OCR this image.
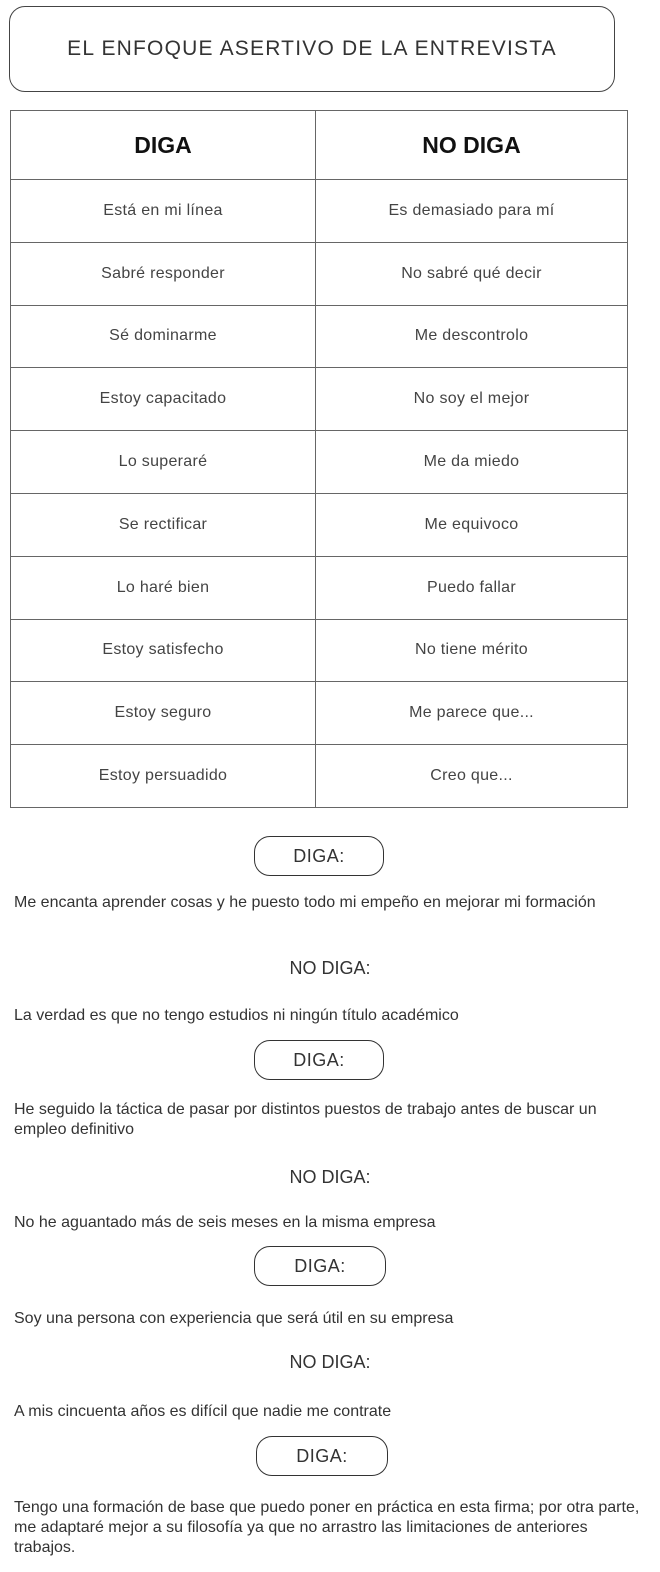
EL ENFOQUE ASERTIVO DE LA ENTREVISTA
DIGA	NO DIGA
Está en mi línea	Es demasiado para mí
Sabré responder	No sabré qué decir
Sé dominarme	Me descontrolo
Estoy capacitado	No soy el mejor
Lo superaré	Me da miedo
Se rectificar	Me equivoco
Lo haré bien	Puedo fallar
Estoy satisfecho	No tiene mérito
Estoy seguro	Me parece que...
Estoy persuadido	Creo que...
DIGA:
Me encanta aprender cosas y he puesto todo mi empeño en mejorar mi formación
NO DIGA:
La verdad es que no tengo estudios ni ningún título académico
DIGA:
He seguido la táctica de pasar por distintos puestos de trabajo antes de buscar un empleo definitivo
NO DIGA:
No he aguantado más de seis meses en la misma empresa
DIGA:
Soy una persona con experiencia que será útil en su empresa
NO DIGA:
A mis cincuenta años es difícil que nadie me contrate
DIGA:
Tengo una formación de base que puedo poner en práctica en esta firma; por otra parte, me adaptaré mejor a su filosofía ya que no arrastro las limitaciones de anteriores trabajos.
